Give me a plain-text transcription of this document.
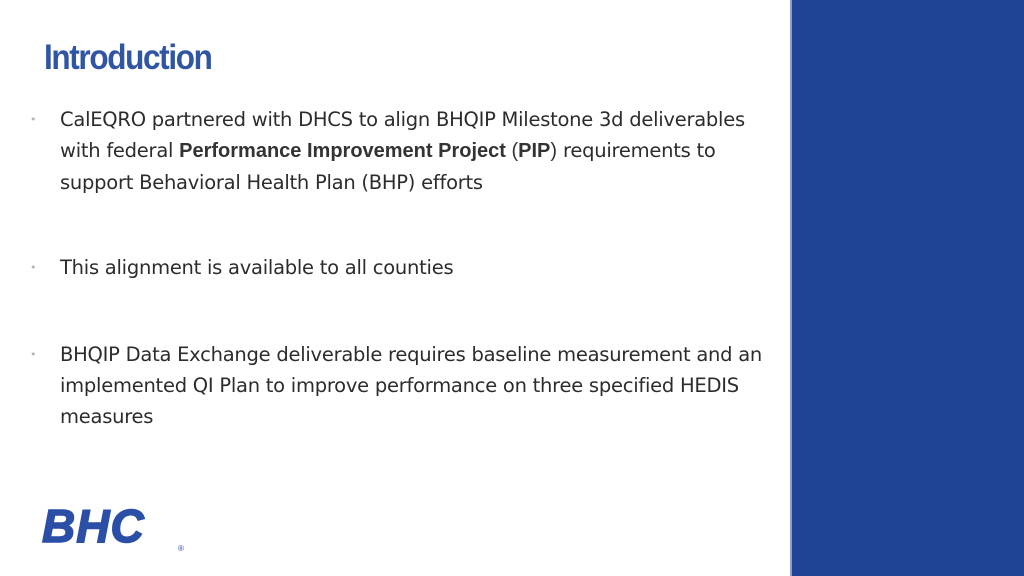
Introduction
• CalEQRO partnered with DHCS to align BHQIP Milestone 3d deliverables with federal Performance Improvement Project (PIP) requirements to support Behavioral Health Plan (BHP) efforts
• This alignment is available to all counties
• BHQIP Data Exchange deliverable requires baseline measurement and an implemented QI Plan to improve performance on three specified HEDIS measures
BHC	®
